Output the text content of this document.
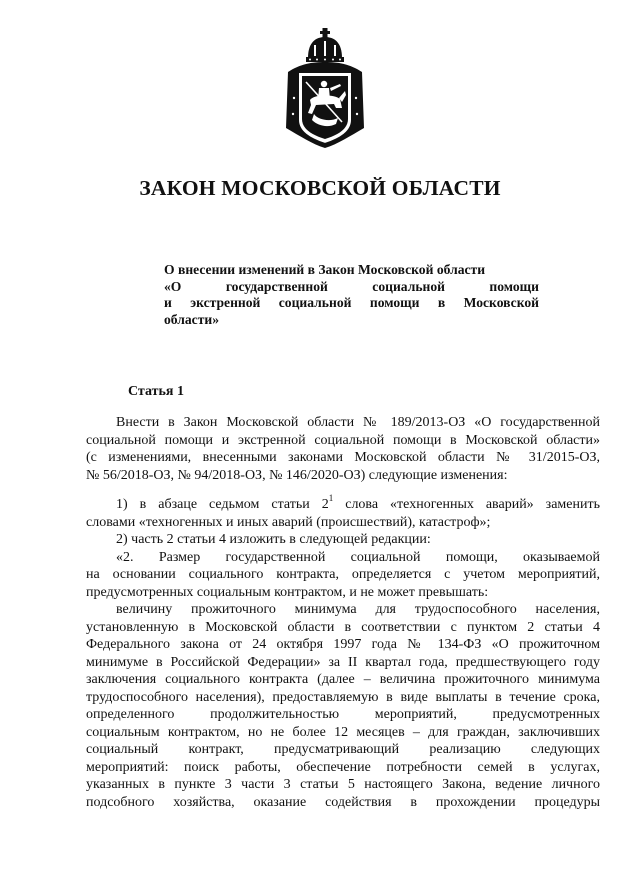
ЗАКОН МОСКОВСКОЙ ОБЛАСТИ
О внесении изменений в Закон Московской области
«О государственной социальной помощи
и экстренной социальной помощи в Московской
области»
Статья 1
Внести в Закон Московской области № 189/2013-ОЗ «О государственной
социальной помощи и экстренной социальной помощи в Московской области»
(с изменениями, внесенными законами Московской области № 31/2015-ОЗ,
№ 56/2018-ОЗ, № 94/2018-ОЗ, № 146/2020-ОЗ) следующие изменения:
1) в абзаце седьмом статьи $2^1$ слова «техногенных аварий» заменить
словами «техногенных и иных аварий (происшествий), катастроф»;
2) часть 2 статьи 4 изложить в следующей редакции:
«2. Размер государственной социальной помощи, оказываемой
на основании социального контракта, определяется с учетом мероприятий,
предусмотренных социальным контрактом, и не может превышать:
величину прожиточного минимума для трудоспособного населения,
установленную в Московской области в соответствии с пунктом 2 статьи 4
Федерального закона от 24 октября 1997 года № 134-ФЗ «О прожиточном
минимуме в Российской Федерации» за II квартал года, предшествующего году
заключения социального контракта (далее – величина прожиточного минимума
трудоспособного населения), предоставляемую в виде выплаты в течение срока,
определенного продолжительностью мероприятий, предусмотренных
социальным контрактом, но не более 12 месяцев – для граждан, заключивших
социальный контракт, предусматривающий реализацию следующих
мероприятий: поиск работы, обеспечение потребности семей в услугах,
указанных в пункте 3 части 3 статьи 5 настоящего Закона, ведение личного
подсобного хозяйства, оказание содействия в прохождении процедуры
